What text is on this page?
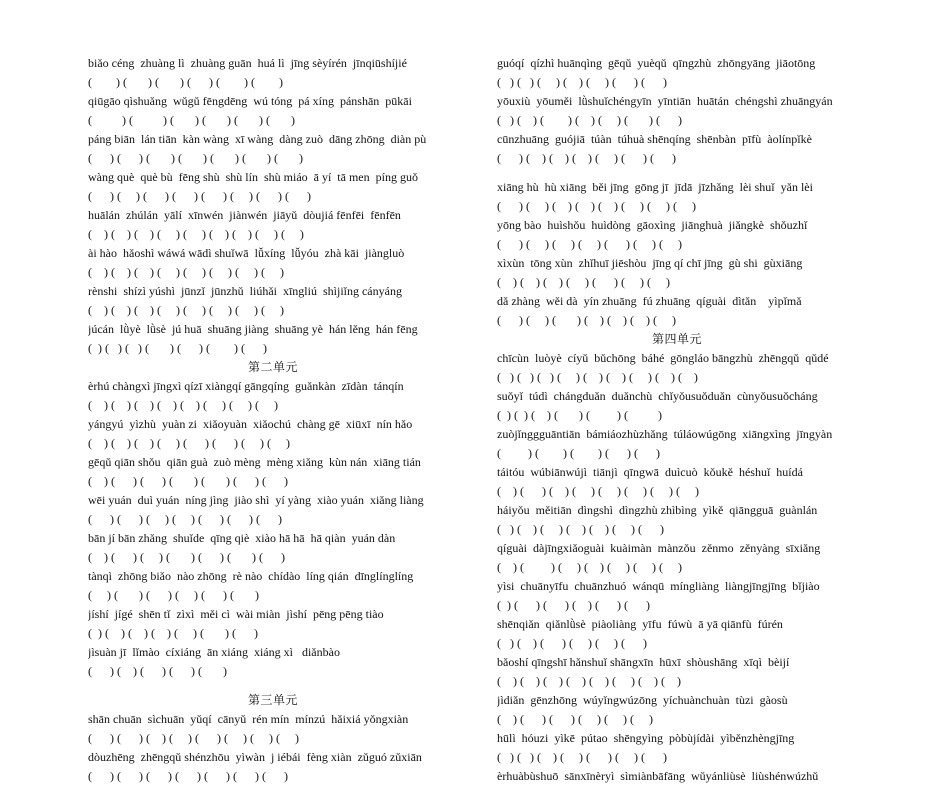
biǎo céng  zhuàng lì  zhuàng guān  huá lì  jīng sèyírén  jīnqiūshíjié
(        ) (       ) (       ) (      ) (        ) (        )
qiūgāo qìshuǎng  wǔgǔ fēngdēng  wú tóng  pá xíng  pánshān  pūkāi
(          ) (          ) (       ) (       ) (       ) (       )
páng biān  lán tiān  kàn wàng  xī wàng  dàng zuò  dāng zhōng  diàn pù
(      ) (      ) (       ) (       ) (       ) (       ) (       )
wàng què  què bù  fēng shù  shù lín  shù miáo  ā yí  tā men  píng guǒ
(      ) (     ) (      ) (      ) (      ) (     ) (      ) (      )
huālán  zhúlán  yālí  xīnwén  jiànwén  jiāyǔ  dòujiá fēnfēi  fēnfēn
(    ) (    ) (    ) (     ) (     ) (    ) (    ) (     ) (     )
ài hào  hǎoshì wáwá wādì shuǐwā  lǚxíng  lǚyóu  zhà kāi  jiàngluò
(    ) (    ) (    ) (     ) (     ) (     ) (     ) (     )
rènshi  shízì yúshì  jūnzǐ  jūnzhǔ  liúhǎi  xīngliú  shìjiǐng cányáng
(    ) (    ) (    ) (     ) (     ) (     ) (     ) (     )
júcán  lǜyè  lǜsè  jú huā  shuāng jiàng  shuāng yè  hán lěng  hán fēng
(  ) (   ) (   ) (       ) (      ) (        ) (      )
第二单元
èrhú chàngxì jīngxì qízī xiàngqí gāngqíng  guǎnkàn  zīdàn  tánqín
(    ) (    ) (    ) (    ) (    ) (     ) (     ) (     )
yángyú  yìzhù  yuàn zi  xiǎoyuàn  xiǎochú  chàng gē  xiūxī  nín hǎo
(    ) (    ) (    ) (     ) (      ) (      ) (     ) (     )
gēqǔ qiān shǒu  qiān guà  zuò mèng  mèng xiǎng  kùn nán  xiāng tián
(    ) (      ) (      ) (       ) (       ) (      ) (      )
wēi yuán  duì yuán  níng jìng  jiào shì  yí yàng  xiào yuán  xiǎng liàng
(      ) (      ) (     ) (     ) (      ) (      ) (      )
bān jí bān zhǎng  shuǐde  qīng qiè  xiào hā hā  hā qiàn  yuán dàn
(    ) (      ) (     ) (       ) (      ) (       ) (      )
tànqì  zhōng biǎo  nào zhōng  rè nào  chídào  líng qián  dīnglínglíng
(     ) (       ) (      ) (     ) (      ) (       )
jíshí  jígé  shēn tǐ  zìxì  měi cì  wài miàn  jìshí  pēng pēng tiào
(  ) (    ) (    ) (    ) (     ) (       ) (      )
jìsuàn jī  lǐmào  cíxiáng  ān xiáng  xiáng xì   diǎnbào
(      ) (    ) (      ) (      ) (       )
第三单元
shān chuān  sìchuān  yǔqí  cānyǔ  rén mín  mínzú  hǎixiá yǒngxiàn
(      ) (      ) (    ) (     ) (      ) (     ) (     ) (     )
dòuzhēng  zhēngqǔ shénzhōu  yìwàn  j iébái  fèng xiàn  zǔguó zǔxiān
(      ) (      ) (      ) (      ) (      ) (      ) (      )
guóqí  qízhì huānqìng  gēqǔ  yuèqǔ  qīngzhù  zhōngyāng  jiāotōng
(   ) (   ) (     ) (    ) (     ) (      ) (      )
yōuxiù  yōuměi  lǜshuǐchéngyīn  yīntiān  huātán  chéngshì zhuāngyán
(   ) (    ) (        ) (    ) (     ) (       ) (      )
cūnzhuāng  guójiā  túàn  túhuà shēnqíng  shēnbàn  pīfù  àolínpǐkè
(      ) (    ) (    ) (    ) (     ) (      ) (      )
xiāng hù  hù xiāng  běi jīng  gōng jī  jīdā  jīzhǎng  lèi shuǐ  yǎn lèi
(      ) (     ) (    ) (    ) (    ) (     ) (     ) (     )
yōng bào  huìshǒu  huìdòng  gāoxìng  jiānghuà  jiǎngkè  shǒuzhǐ
(      ) (     ) (     ) (     ) (      ) (     ) (     )
xìxùn  tōng xùn  zhǐhuī jiēshòu  jīng qí chī jīng  gù shi  gùxiāng
(    ) (    ) (    ) (     ) (      ) (     ) (     )
dǎ zhàng  wěi dà  yín zhuāng  fú zhuāng  qíguài  dìtǎn    yìpǐmǎ
(      ) (     ) (       ) (    ) (    ) (    ) (     )
第四单元
chīcùn  luòyè  cíyǔ  bǔchōng  báhé  gōngláo bāngzhù  zhēngqǔ  qǔdé
(   ) (   ) (   ) (     ) (    ) (    ) (     ) (    ) (    )
suǒyǐ  túdì  chángduǎn  duǎnchù  chǐyǒusuǒduǎn  cùnyǒusuǒcháng
(  ) (  ) (    ) (       ) (         ) (          )
zuòjǐnggguāntiān  bámiáozhùzhǎng  túláowúgōng  xiāngxìng  jīngyàn
(         ) (        ) (        ) (      ) (      )
táitóu  wúbiānwújì  tiānjì  qīngwā  duìcuò  kǒukě  héshuǐ  huídá
(    ) (      ) (    ) (     ) (     ) (     ) (     ) (     )
háiyǒu  měitiān  dìngshì  dìngzhù zhìbìng  yìkě  qiāngguā  guànlán
(   ) (    ) (     ) (    ) (    ) (     ) (      )
qíguài  dàjīngxiǎoguài  kuàimàn  mànzǒu  zěnmo  zěnyàng  sīxiǎng
(    ) (         ) (     ) (    ) (     ) (     ) (     )
yìsi  chuānyīfu  chuānzhuó  wánqū  míngliàng  liàngjīngjīng  bǐjiào
(  ) (      ) (      ) (    ) (      ) (      )
shēnqiǎn  qiǎnlǜsè  piàoliàng  yīfu  fúwù  ā yā qiānfù  fúrén
(   ) (    ) (      ) (     ) (     ) (      )
bǎoshí qīngshī hǎnshuǐ shāngxīn  hūxī  shòushāng  xīqì  bèijí
(    ) (    ) (    ) (    ) (    ) (     ) (    ) (    )
jìdiǎn  gēnzhōng  wúyǐngwúzōng  yíchuànchuàn  tùzi  gàosù
(    ) (      ) (      ) (     ) (     ) (     )
hūlì  hóuzi  yìkē  pútao  shēngyìng  pòbùjídài  yìběnzhèngjīng
(   ) (   ) (    ) (     ) (      ) (     ) (      )
èrhuàbùshuō  sānxīnèryì  sìmiànbāfāng  wǔyánliùsè  liùshénwúzhǔ
